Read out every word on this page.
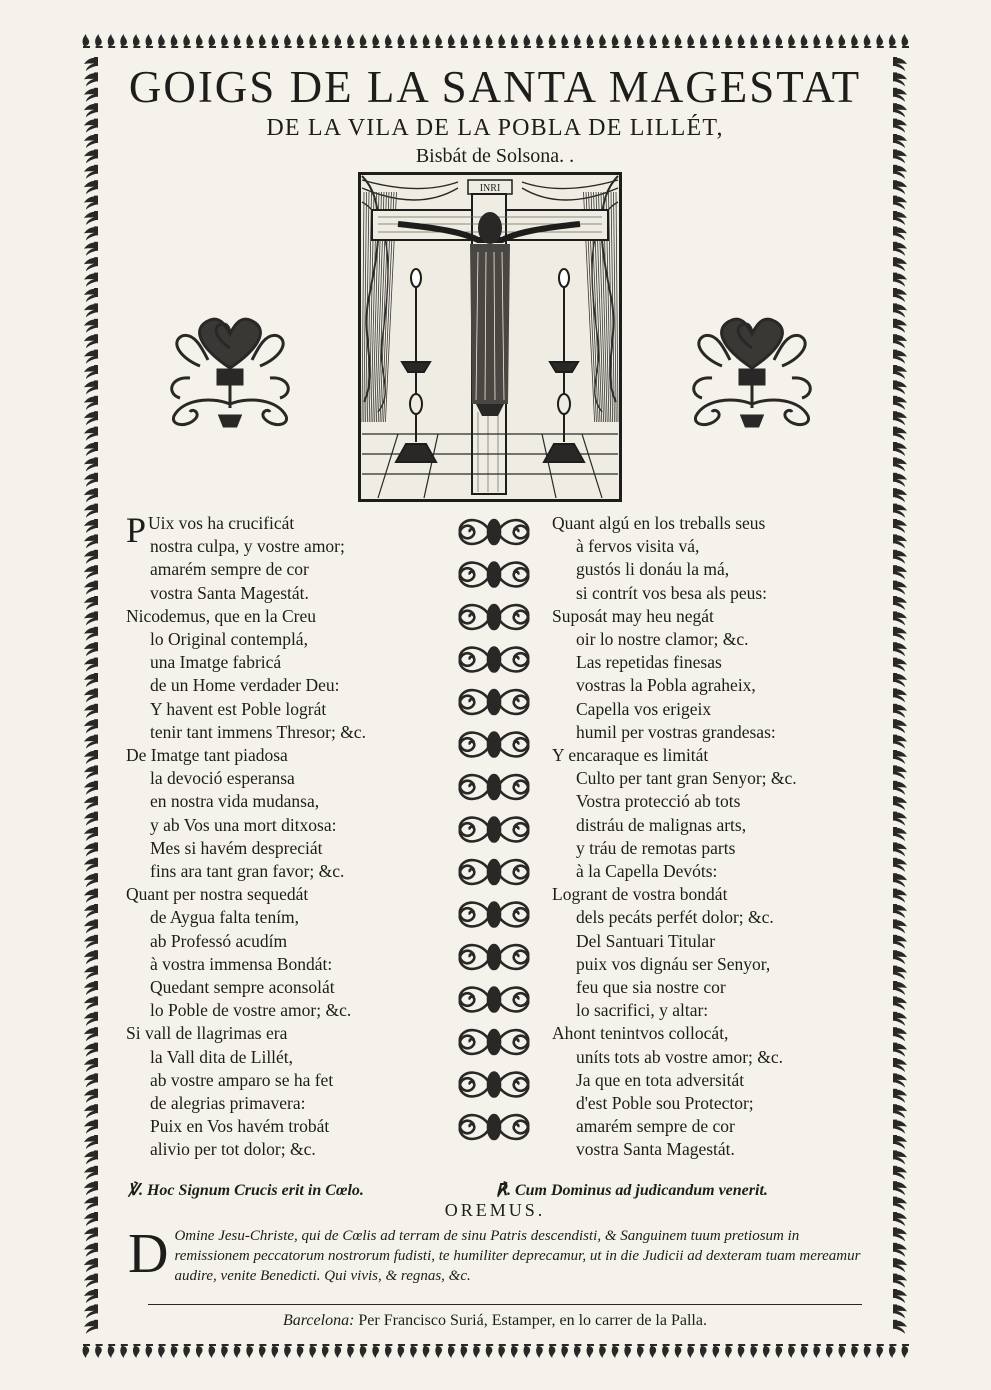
GOIGS DE LA SANTA MAGESTAT
DE LA VILA DE LA POBLA DE LILLÉT,
Bisbát de Solsona. .
INRI
P Uix vos ha crucificát
nostra culpa, y vostre amor;
amarém sempre de cor
vostra Santa Magestát.
Nicodemus, que en la Creu
lo Original contemplá,
una Imatge fabricá
de un Home verdader Deu:
Y havent est Poble lográt
tenir tant immens Thresor; &c.
De Imatge tant piadosa
la devoció esperansa
en nostra vida mudansa,
y ab Vos una mort ditxosa:
Mes si havém despreciát
fins ara tant gran favor; &c.
Quant per nostra sequedát
de Aygua falta tením,
ab Professó acudím
à vostra immensa Bondát:
Quedant sempre aconsolát
lo Poble de vostre amor; &c.
Si vall de llagrimas era
la Vall dita de Lillét,
ab vostre amparo se ha fet
de alegrias primavera:
Puix en Vos havém trobát
alivio per tot dolor; &c.
Quant algú en los treballs seus
à fervos visita vá,
gustós li donáu la má,
si contrít vos besa als peus:
Suposát may heu negát
oir lo nostre clamor; &c.
Las repetidas finesas
vostras la Pobla agraheix,
Capella vos erigeix
humil per vostras grandesas:
Y encaraque es limitát
Culto per tant gran Senyor; &c.
Vostra protecció ab tots
distráu de malignas arts,
y tráu de remotas parts
à la Capella Devóts:
Logrant de vostra bondát
dels pecáts perfét dolor; &c.
Del Santuari Titular
puix vos dignáu ser Senyor,
feu que sia nostre cor
lo sacrifici, y altar:
Ahont tenintvos collocát,
uníts tots ab vostre amor; &c.
Ja que en tota adversitát
d'est Poble sou Protector;
amarém sempre de cor
vostra Santa Magestát.
℣. Hoc Signum Crucis erit in Cœlo.	℟. Cum Dominus ad judicandum venerit.
OREMUS.
D Omine Jesu-Christe, qui de Cœlis ad terram de sinu Patris descendisti, & Sanguinem tuum pretiosum in remissionem peccatorum nostrorum fudisti, te humiliter deprecamur, ut in die Judicii ad dexteram tuam mereamur audire, venite Benedicti. Qui vivis, & regnas, &c.
Barcelona: Per Francisco Suriá, Estamper, en lo carrer de la Palla.
